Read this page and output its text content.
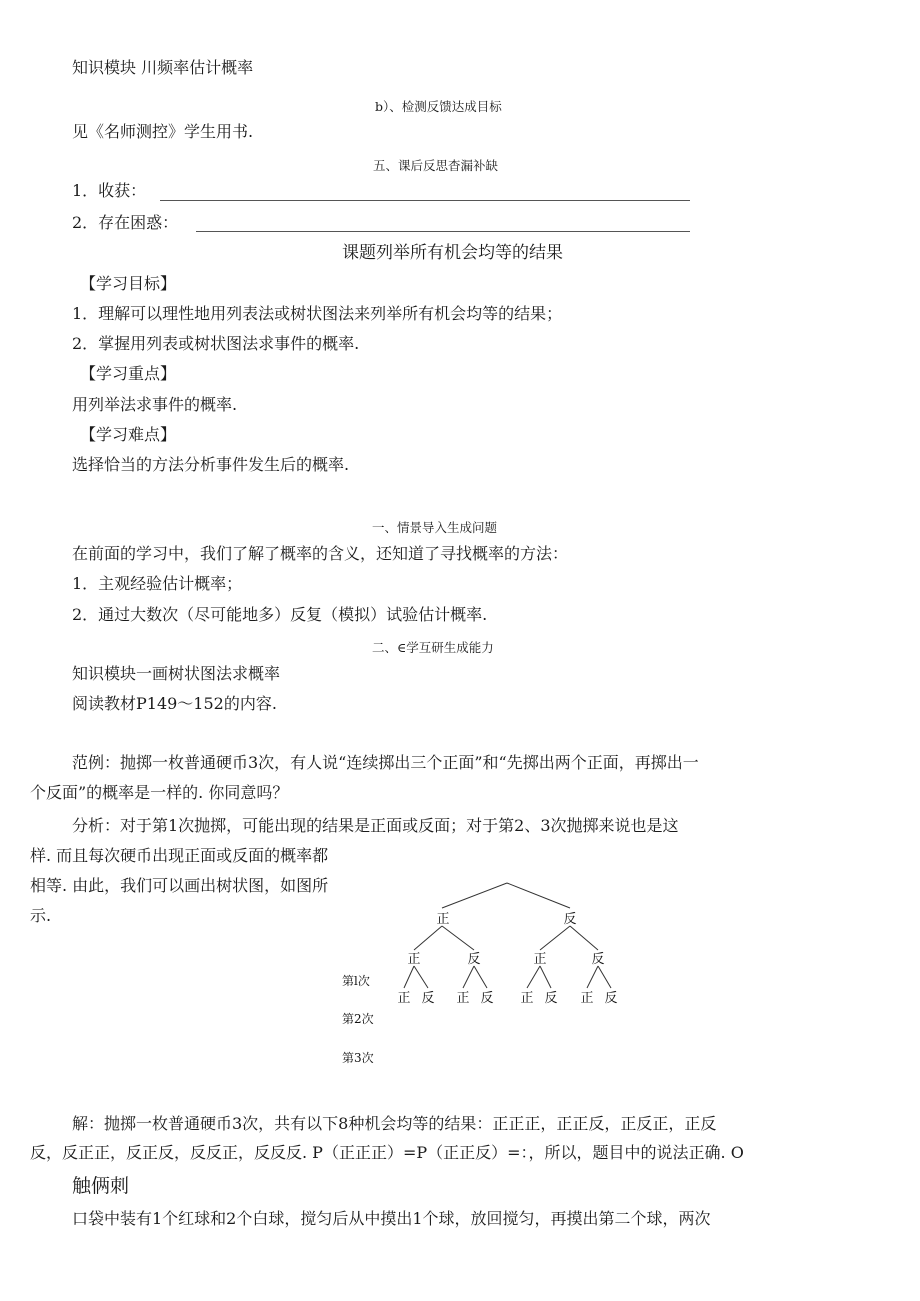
知识模块 川频率估计概率
b）、检测反馈达成目标
见《名师测控》学生用书.
五、课后反思杳漏补缺
1．收获：
2．存在困惑：
课题列举所有机会均等的结果
【学习目标】
1．理解可以理性地用列表法或树状图法来列举所有机会均等的结果；
2．掌握用列表或树状图法求事件的概率.
【学习重点】
用列举法求事件的概率.
【学习难点】
选择恰当的方法分析事件发生后的概率.
一、情景导入生成问题
在前面的学习中，我们了解了概率的含义，还知道了寻找概率的方法：
1．主观经验估计概率；
2．通过大数次（尽可能地多）反复（模拟）试验估计概率.
二、∈学互研生成能力
知识模块一画树状图法求概率
阅读教材P149～152的内容.
范例：抛掷一枚普通硬币3次，有人说“连续掷出三个正面”和“先掷出两个正面，再掷出一
个反面”的概率是一样的. 你同意吗？
分析：对于第1次抛掷，可能出现的结果是正面或反面；对于第2、3次抛掷来说也是这
样. 而且每次硬币出现正面或反面的概率都
相等. 由此，我们可以画出树状图，如图所
示.	正	反
正	反	正	反
正 反 正 反 正 反 正 反
第l次
第2次
第3次
解：抛掷一枚普通硬币3次，共有以下8种机会均等的结果：正正正，正正反，正反正，正反
反，反正正，反正反，反反正，反反反. P（正正正）=P（正正反）=：，所以，题目中的说法正确. O
触俩刺
口袋中装有1个红球和2个白球，搅匀后从中摸出1个球，放回搅匀，再摸出第二个球，两次
